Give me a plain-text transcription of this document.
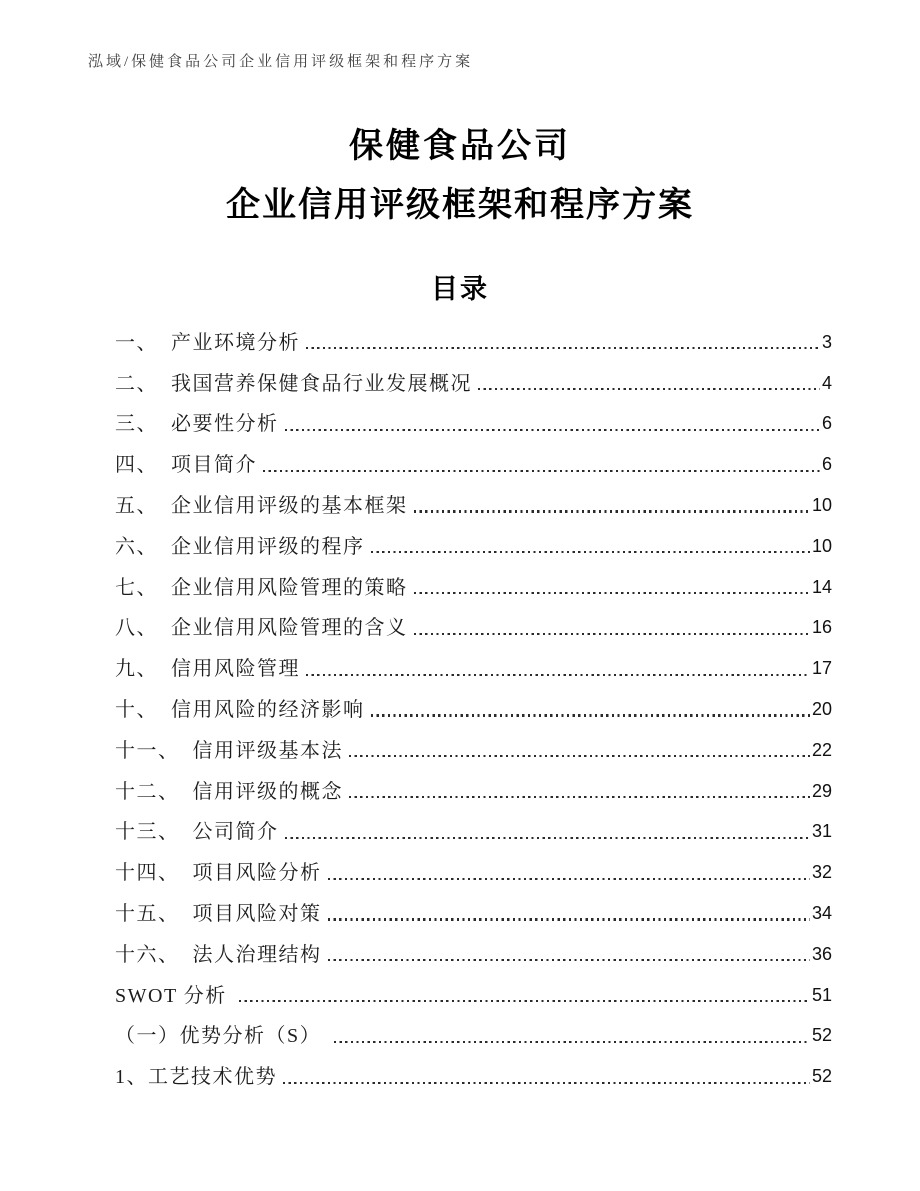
泓域/保健食品公司企业信用评级框架和程序方案
保健食品公司
企业信用评级框架和程序方案
目录
一、 产业环境分析	3
二、 我国营养保健食品行业发展概况	4
三、 必要性分析	6
四、 项目简介	6
五、 企业信用评级的基本框架	10
六、 企业信用评级的程序	10
七、 企业信用风险管理的策略	14
八、 企业信用风险管理的含义	16
九、 信用风险管理	17
十、 信用风险的经济影响	20
十一、 信用评级基本法	22
十二、 信用评级的概念	29
十三、 公司简介	31
十四、 项目风险分析	32
十五、 项目风险对策	34
十六、 法人治理结构	36
SWOT 分析	51
（一）优势分析（S）	52
1、工艺技术优势	52
